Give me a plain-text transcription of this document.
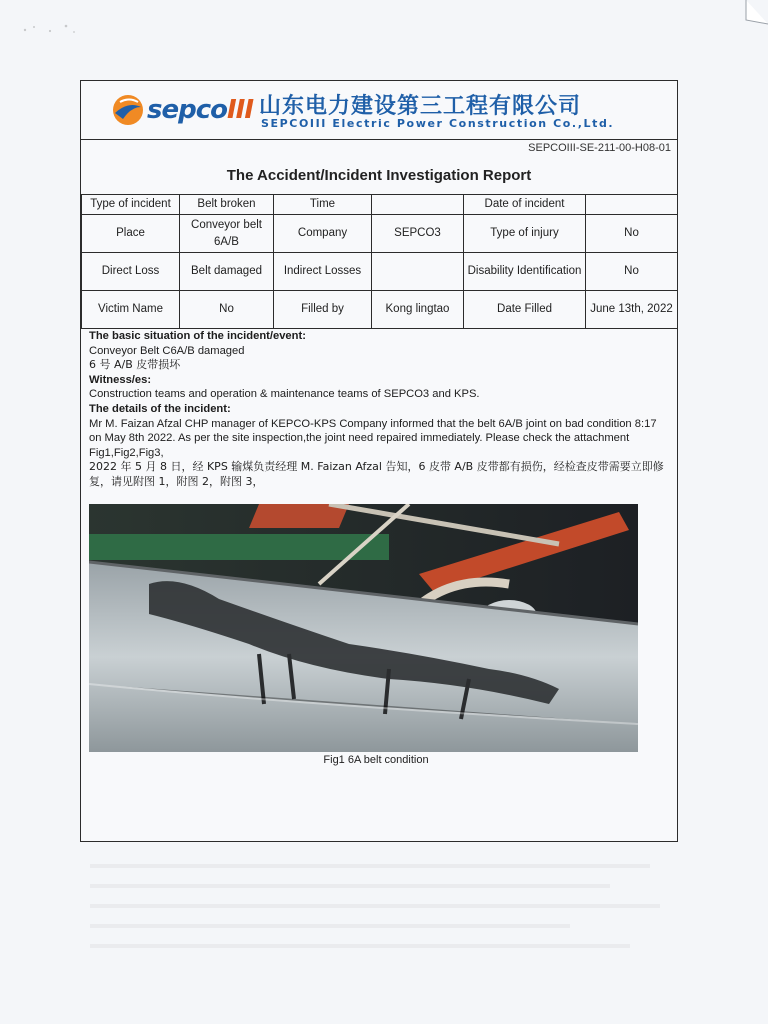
sepcoIII 山东电力建设第三工程有限公司
SEPCOIII Electric Power Construction Co.,Ltd.
SEPCOIII-SE-211-00-H08-01
The Accident/Incident Investigation Report
Type of incident	Belt broken	Time		Date of incident	
Place	Conveyor belt 6A/B	Company	SEPCO3	Type of injury	No
Direct Loss	Belt damaged	Indirect Losses		Disability Identification	No
Victim Name	No	Filled by	Kong lingtao	Date Filled	June 13th, 2022

The basic situation of the incident/event:

Conveyor Belt C6A/B damaged

6 号 A/B 皮带损坏

Witness/es:

Construction teams and operation & maintenance teams of SEPCO3 and KPS.

The details of the incident:

Mr M. Faizan Afzal CHP manager of KEPCO-KPS Company informed that the belt 6A/B joint on bad condition 8:17 on May 8th 2022. As per the site inspection,the joint need repaired immediately. Please check the attachment Fig1,Fig2,Fig3,

2022 年 5 月 8 日，经 KPS 输煤负责经理 M. Faizan Afzal 告知，6 皮带 A/B 皮带都有损伤，经检查皮带需要立即修复，请见附图 1，附图 2，附图 3，

Fig1 6A belt condition
